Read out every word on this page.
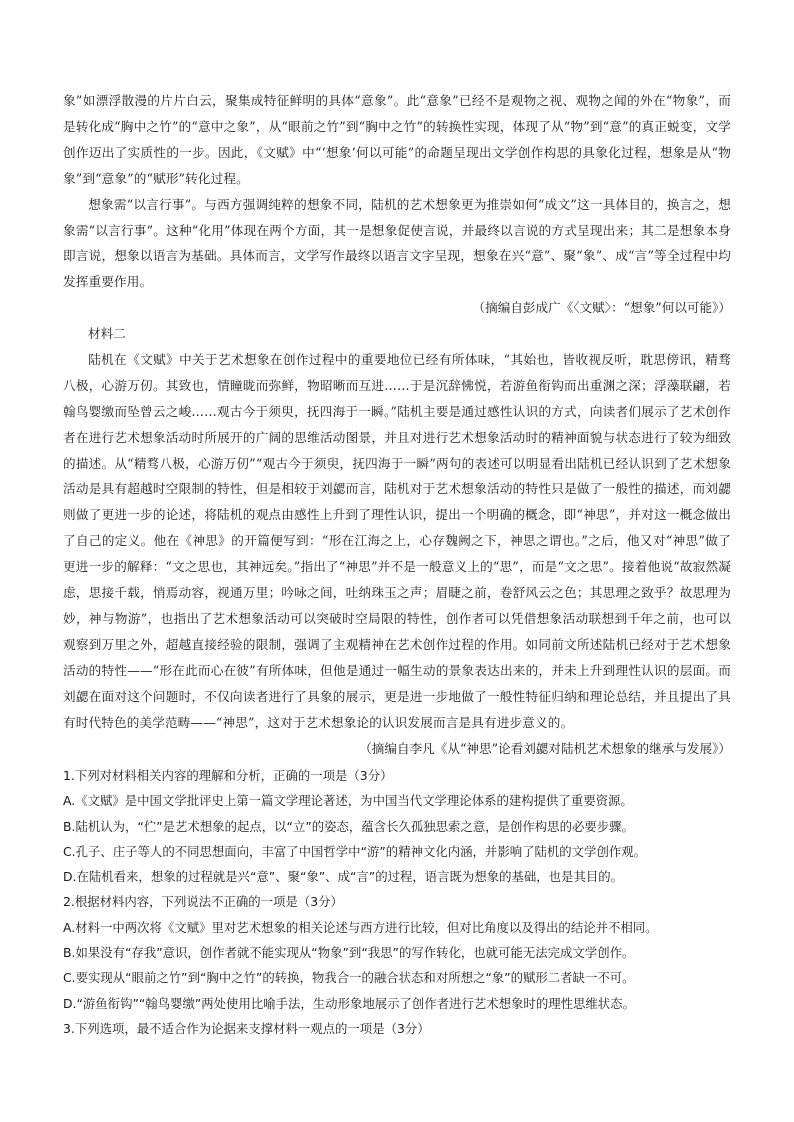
象”如漂浮散漫的片片白云，聚集成特征鲜明的具体“意象”。此“意象”已经不是观物之视、观物之闻的外在“物象”，而是转化成“胸中之竹”的“意中之象”，从“眼前之竹”到“胸中之竹”的转换性实现，体现了从“物”到“意”的真正蜕变，文学创作迈出了实质性的一步。因此，《文赋》中“‘想象’何以可能”的命题呈现出文学创作构思的具象化过程，想象是从“物象”到“意象”的“赋形”转化过程。

想象需“以言行事”。与西方强调纯粹的想象不同，陆机的艺术想象更为推崇如何“成文”这一具体目的，换言之，想象需“以言行事”。这种“化用”体现在两个方面，其一是想象促使言说，并最终以言说的方式呈现出来；其二是想象本身即言说，想象以语言为基础。具体而言，文学写作最终以语言文字呈现，想象在兴“意”、聚“象”、成“言”等全过程中均发挥重要作用。

（摘编自彭成广《〈文赋〉：“想象”何以可能》）

材料二

陆机在《文赋》中关于艺术想象在创作过程中的重要地位已经有所体味，“其始也，皆收视反听，耽思傍讯，精骛八极，心游万仞。其致也，情瞳昽而弥鲜，物昭晰而互进……于是沉辞怫悦，若游鱼衔钩而出重渊之深；浮藻联翩，若翰鸟婴缴而坠曾云之峻……观古今于须臾，抚四海于一瞬。”陆机主要是通过感性认识的方式，向读者们展示了艺术创作者在进行艺术想象活动时所展开的广阔的思维活动图景，并且对进行艺术想象活动时的精神面貌与状态进行了较为细致的描述。从“精骛八极，心游万仞”“观古今于须臾，抚四海于一瞬”两句的表述可以明显看出陆机已经认识到了艺术想象活动是具有超越时空限制的特性，但是相较于刘勰而言，陆机对于艺术想象活动的特性只是做了一般性的描述，而刘勰则做了更进一步的论述，将陆机的观点由感性上升到了理性认识，提出一个明确的概念，即“神思”，并对这一概念做出了自己的定义。他在《神思》的开篇便写到：“形在江海之上，心存魏阙之下，神思之谓也。”之后，他又对“神思”做了更进一步的解释：“文之思也，其神远矣。”指出了“神思”并不是一般意义上的“思”，而是“文之思”。接着他说“故寂然凝虑，思接千载，悄焉动容，视通万里；吟咏之间，吐纳珠玉之声；眉睫之前，卷舒风云之色；其思理之致乎？故思理为妙，神与物游”，也指出了艺术想象活动可以突破时空局限的特性，创作者可以凭借想象活动联想到千年之前，也可以观察到万里之外，超越直接经验的限制，强调了主观精神在艺术创作过程的作用。如同前文所述陆机已经对于艺术想象活动的特性——“形在此而心在彼”有所体味，但他是通过一幅生动的景象表达出来的，并未上升到理性认识的层面。而刘勰在面对这个问题时，不仅向读者进行了具象的展示，更是进一步地做了一般性特征归纳和理论总结，并且提出了具有时代特色的美学范畴——“神思”，这对于艺术想象论的认识发展而言是具有进步意义的。

（摘编自李凡《从“神思”论看刘勰对陆机艺术想象的继承与发展》）

1.下列对材料相关内容的理解和分析，正确的一项是（3分）

A.《文赋》是中国文学批评史上第一篇文学理论著述，为中国当代文学理论体系的建构提供了重要资源。

B.陆机认为，“伫”是艺术想象的起点，以“立”的姿态，蕴含长久孤独思索之意，是创作构思的必要步骤。

C.孔子、庄子等人的不同思想面向，丰富了中国哲学中“游”的精神文化内涵，并影响了陆机的文学创作观。

D.在陆机看来，想象的过程就是兴“意”、聚“象”、成“言”的过程，语言既为想象的基础，也是其目的。

2.根据材料内容，下列说法不正确的一项是（3分）

A.材料一中两次将《文赋》里对艺术想象的相关论述与西方进行比较，但对比角度以及得出的结论并不相同。

B.如果没有“存我”意识，创作者就不能实现从“物象”到“我思”的写作转化，也就可能无法完成文学创作。

C.要实现从“眼前之竹”到“胸中之竹”的转换，物我合一的融合状态和对所想之“象”的赋形二者缺一不可。

D.“游鱼衔钩”“翰鸟婴缴”两处使用比喻手法，生动形象地展示了创作者进行艺术想象时的理性思维状态。

3.下列选项，最不适合作为论据来支撑材料一观点的一项是（3分）
